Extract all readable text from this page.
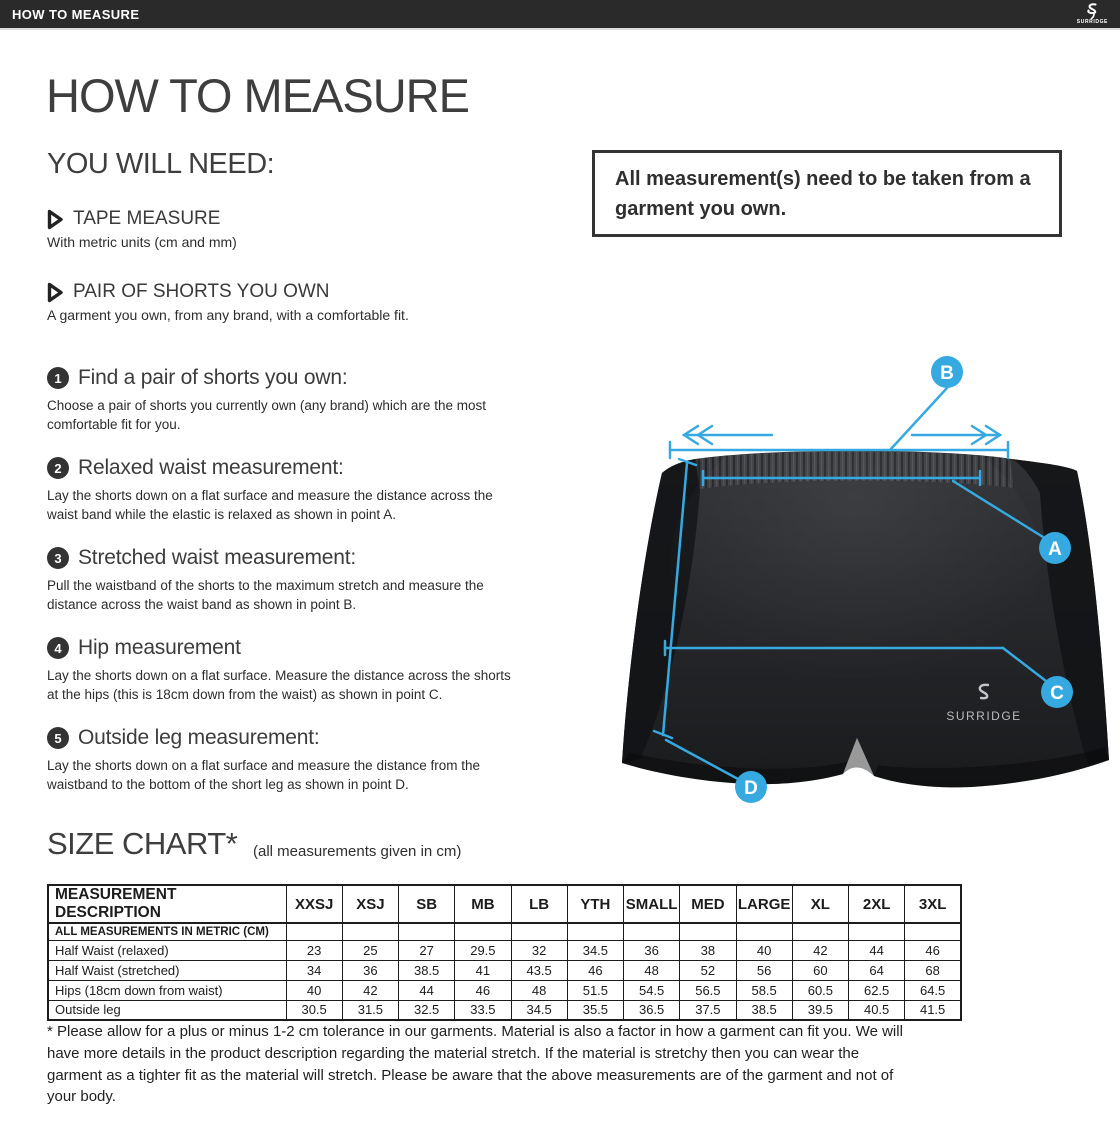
HOW TO MEASURE
SURRIDGE
HOW TO MEASURE
YOU WILL NEED:
TAPE MEASURE
With metric units (cm and mm)
PAIR OF SHORTS YOU OWN
A garment you own, from any brand, with a comfortable fit.

All measurement(s) need to be taken from a garment you own.

1 Find a pair of shorts you own:

Choose a pair of shorts you currently own (any brand) which are the most comfortable fit for you.

2 Relaxed waist measurement:

Lay the shorts down on a flat surface and measure the distance across the waist band while the elastic is relaxed as shown in point A.

3 Stretched waist measurement:

Pull the waistband of the shorts to the maximum stretch and measure the distance across the waist band as shown in point B.

4 Hip measurement

Lay the shorts down on a flat surface. Measure the distance across the shorts at the hips (this is 18cm down from the waist) as shown in point C.

5 Outside leg measurement:

Lay the shorts down on a flat surface and measure the distance from the waistband to the bottom of the short leg as shown in point D.

SURRIDGE
B
A
C
D
SIZE CHART* (all measurements given in cm)
MEASUREMENT DESCRIPTION	XXSJ	XSJ	SB	MB	LB	YTH	SMALL	MED	LARGE	XL	2XL	3XL
ALL MEASUREMENTS IN METRIC (CM)												
Half Waist (relaxed)	23	25	27	29.5	32	34.5	36	38	40	42	44	46
Half Waist (stretched)	34	36	38.5	41	43.5	46	48	52	56	60	64	68
Hips (18cm down from waist)	40	42	44	46	48	51.5	54.5	56.5	58.5	60.5	62.5	64.5
Outside leg	30.5	31.5	32.5	33.5	34.5	35.5	36.5	37.5	38.5	39.5	40.5	41.5

* Please allow for a plus or minus 1-2 cm tolerance in our garments. Material is also a factor in how a garment can fit you. We will have more details in the product description regarding the material stretch. If the material is stretchy then you can wear the garment as a tighter fit as the material will stretch. Please be aware that the above measurements are of the garment and not of your body.
